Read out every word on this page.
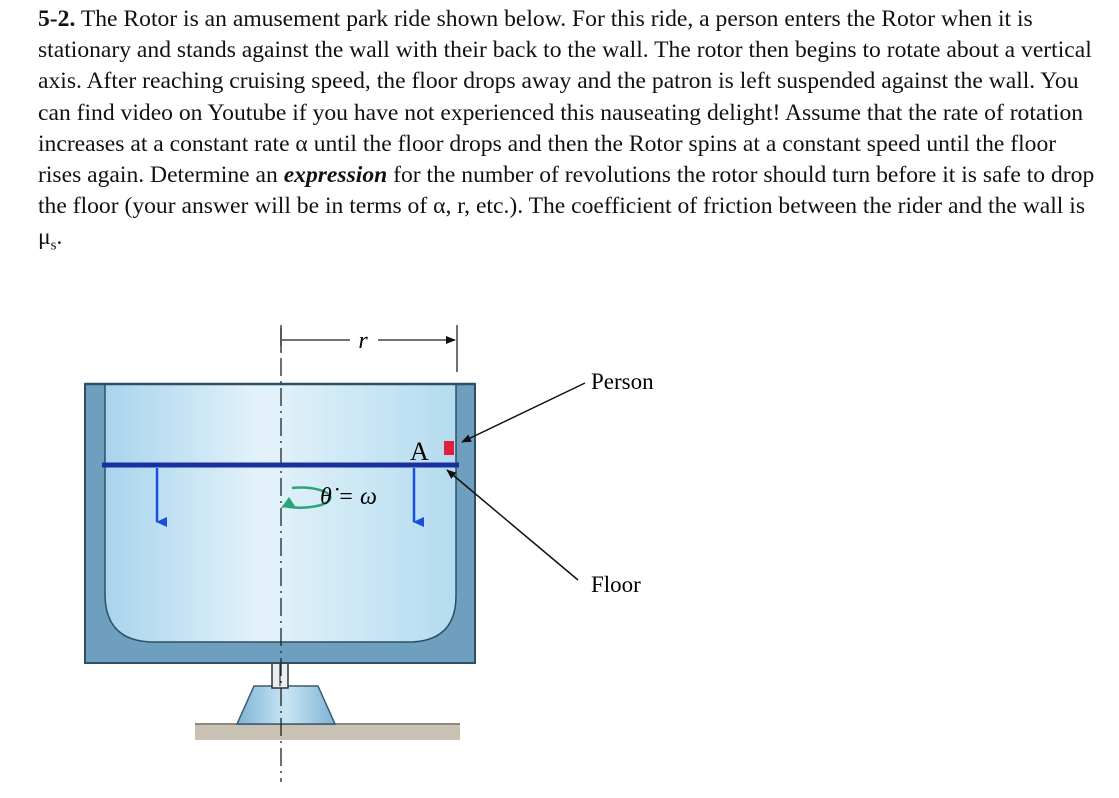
5-2. The Rotor is an amusement park ride shown below. For this ride, a person enters the Rotor when it is stationary and stands against the wall with their back to the wall. The rotor then begins to rotate about a vertical axis. After reaching cruising speed, the floor drops away and the patron is left suspended against the wall. You can find video on Youtube if you have not experienced this nauseating delight! Assume that the rate of rotation increases at a constant rate α until the floor drops and then the Rotor spins at a constant speed until the floor rises again. Determine an expression for the number of revolutions the rotor should turn before it is safe to drop the floor (your answer will be in terms of α, r, etc.). The coefficient of friction between the rider and the wall is $\mu_s$.

r
θ̇ = ω
A
Person
Floor
